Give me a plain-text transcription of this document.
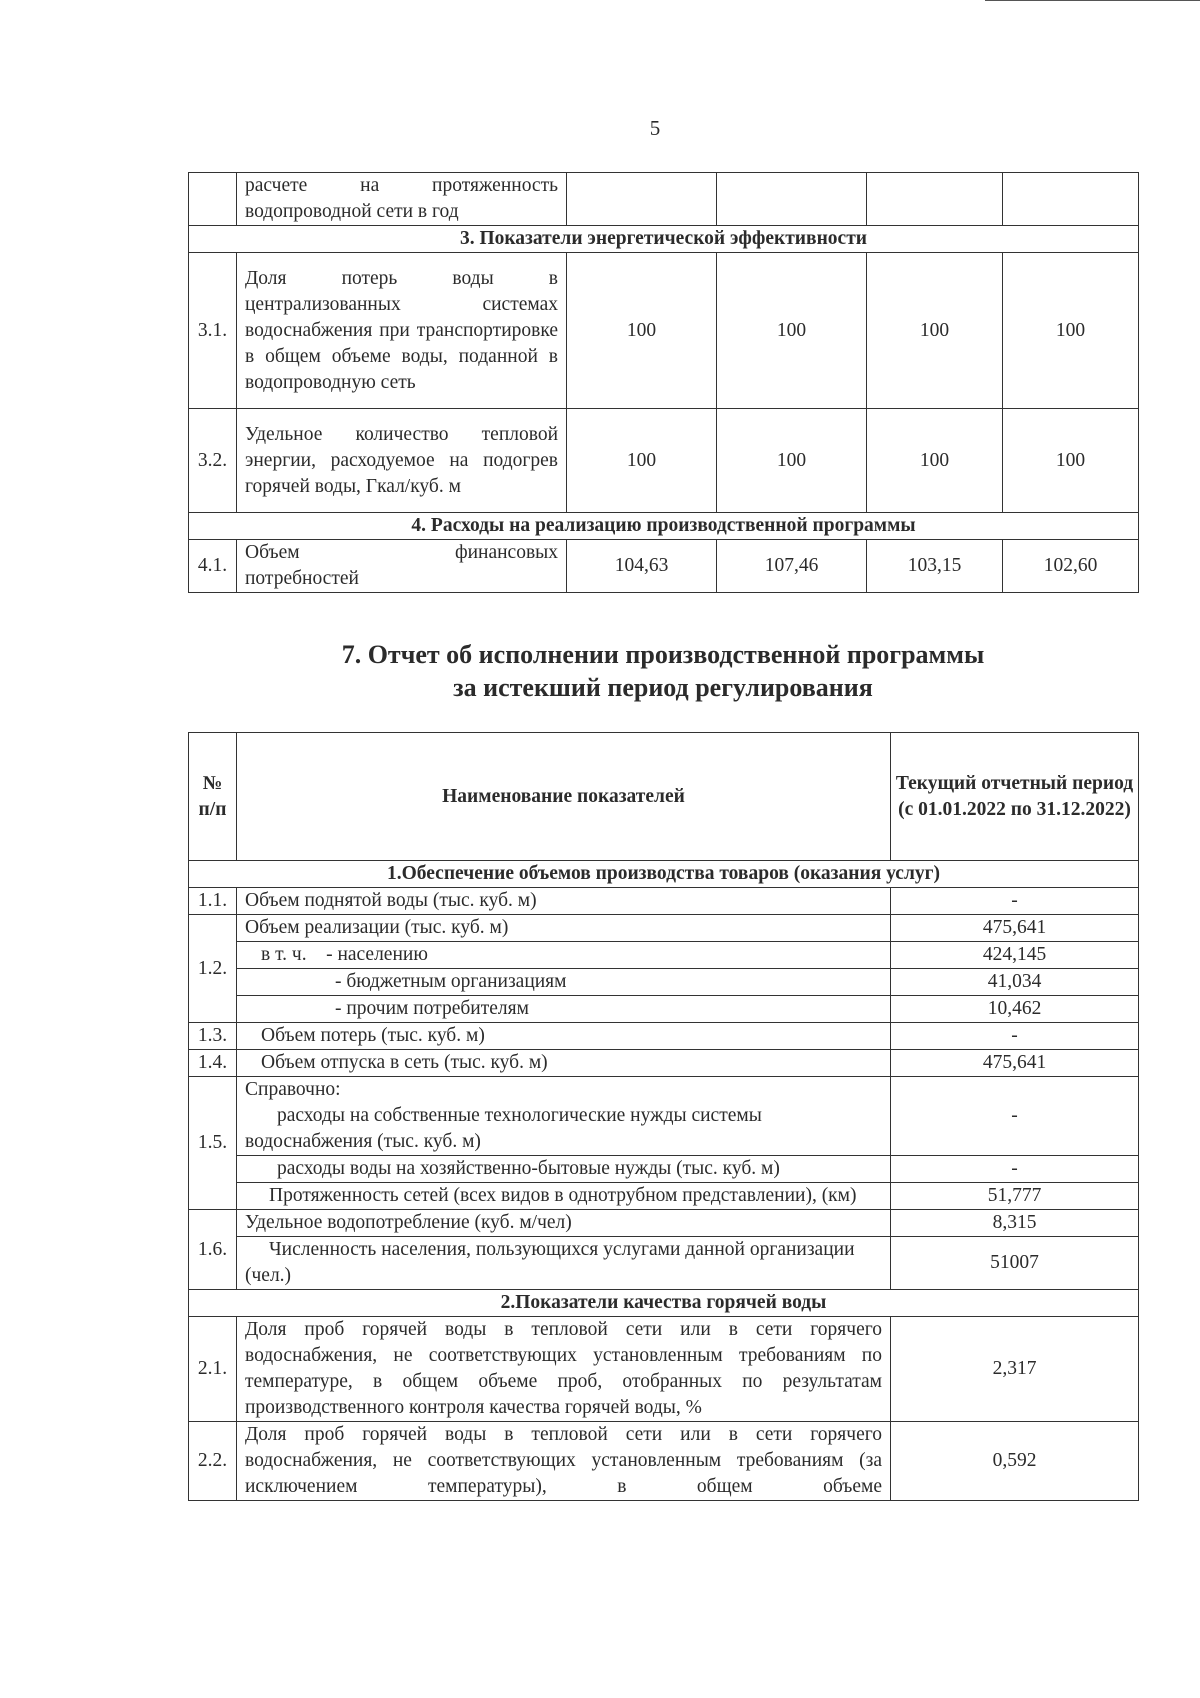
5

	расчете на протяженность
водопроводной сети в год				

3. Показатели энергетической эффективности					
3.1.	Доля потерь воды в централизованных системах водоснабжения при транспортировке в общем объеме воды, поданной в водопроводную сеть	100	100	100	100
3.2.	Удельное количество тепловой энергии, расходуемое на подогрев горячей воды, Гкал/куб. м	100	100	100	100
4. Расходы на реализацию производственной программы					
4.1.	Объем финансовых
потребностей	104,63	107,46	103,15	102,60
7. Отчет об исполнении производственной программы
за истекший период регулирования
№
п/п	Наименование показателей	Текущий отчетный период (с 01.01.2022 по 31.12.2022)
1.Обеспечение объемов производства товаров (оказания услуг)		
1.1.	Объем поднятой воды (тыс. куб. м)	-
1.2.	Объем реализации (тыс. куб. м)	475,641
	в т. ч.    - населению	424,145
	- бюджетным организациям	41,034
	- прочим потребителям	10,462
1.3.	Объем потерь (тыс. куб. м)	-
1.4.	Объем отпуска в сеть (тыс. куб. м)	475,641
1.5.	Справочно:
расходы на собственные технологические нужды системы водоснабжения (тыс. куб. м)	-
	расходы воды на хозяйственно-бытовые нужды (тыс. куб. м)	-

	Протяженность сетей (всех видов в однотрубном представлении), (км)	51,777
1.6.	Удельное водопотребление (куб. м/чел)	8,315

	Численность населения, пользующихся услугами данной организации (чел.)	51007
2.Показатели качества горячей воды		
2.1.	Доля проб горячей воды в тепловой сети или в сети горячего водоснабжения, не соответствующих установленным требованиям по температуре, в общем объеме проб, отобранных по результатам производственного контроля качества горячей воды, %	2,317
2.2.	Доля проб горячей воды в тепловой сети или в сети горячего водоснабжения, не соответствующих установленным требованиям (за исключением температуры), в общем объеме	0,592
